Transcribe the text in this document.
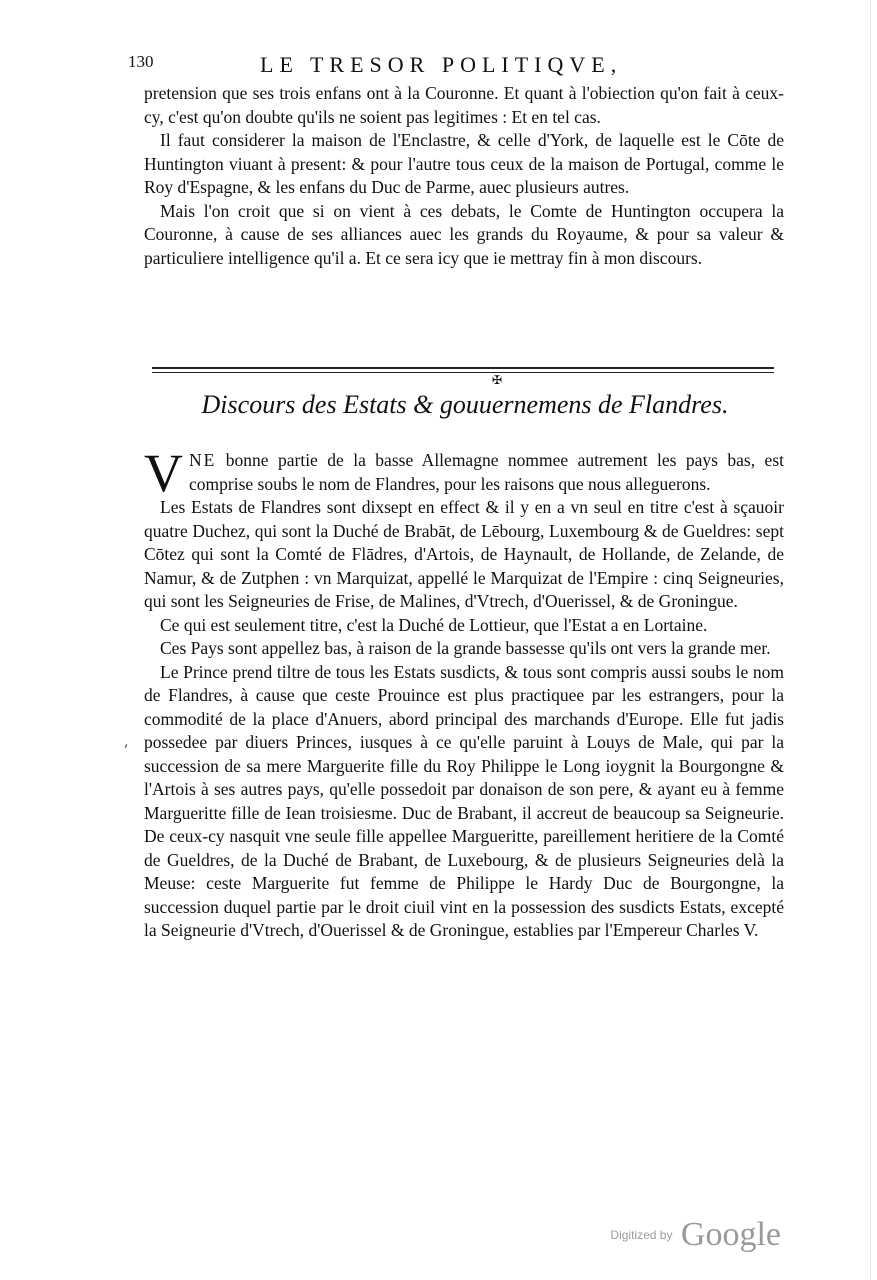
130	LE TRESOR POLITIQVE,

pretension que ses trois enfans ont à la Couronne. Et quant à l'obiection qu'on fait à ceux-cy, c'est qu'on doubte qu'ils ne soient pas legitimes : Et en tel cas.

Il faut considerer la maison de l'Enclastre, & celle d'York, de laquelle est le Cōte de Huntington viuant à present: & pour l'autre tous ceux de la maison de Portugal, comme le Roy d'Espagne, & les enfans du Duc de Parme, auec plusieurs autres.

Mais l'on croit que si on vient à ces debats, le Comte de Huntington occupera la Couronne, à cause de ses alliances auec les grands du Royaume, & pour sa valeur & particuliere intelligence qu'il a. Et ce sera icy que ie mettray fin à mon discours.

✠
Discours des Estats & gouuernemens de Flandres.

V NE bonne partie de la basse Allemagne nommee autrement les pays bas, est comprise soubs le nom de Flandres, pour les raisons que nous alleguerons.

Les Estats de Flandres sont dixsept en effect & il y en a vn seul en titre c'est à sçauoir quatre Duchez, qui sont la Duché de Brabāt, de Lēbourg, Luxembourg & de Gueldres: sept Cōtez qui sont la Comté de Flādres, d'Artois, de Haynault, de Hollande, de Zelande, de Namur, & de Zutphen : vn Marquizat, appellé le Marquizat de l'Empire : cinq Seigneuries, qui sont les Seigneuries de Frise, de Malines, d'Vtrech, d'Ouerissel, & de Groningue.

Ce qui est seulement titre, c'est la Duché de Lottieur, que l'Estat a en Lortaine.

Ces Pays sont appellez bas, à raison de la grande bassesse qu'ils ont vers la grande mer.

Le Prince prend tiltre de tous les Estats susdicts, & tous sont compris aussi soubs le nom de Flandres, à cause que ceste Prouince est plus practiquee par les estrangers, pour la commodité de la place d'Anuers, abord principal des marchands d'Europe. Elle fut jadis possedee par diuers Princes, iusques à ce qu'elle paruint à Louys de Male, qui par la succession de sa mere Marguerite fille du Roy Philippe le Long ioygnit la Bourgongne & l'Artois à ses autres pays, qu'elle possedoit par donaison de son pere, & ayant eu à femme Margueritte fille de Iean troisiesme. Duc de Brabant, il accreut de beaucoup sa Seigneurie. De ceux-cy nasquit vne seule fille appellee Margueritte, pareillement heritiere de la Comté de Gueldres, de la Duché de Brabant, de Luxebourg, & de plusieurs Seigneuries delà la Meuse: ceste Marguerite fut femme de Philippe le Hardy Duc de Bourgongne, la succession duquel partie par le droit ciuil vint en la possession des susdicts Estats, excepté la Seigneurie d'Vtrech, d'Ouerissel & de Groningue, establies par l'Empereur Charles V.

,
Digitized by Google
